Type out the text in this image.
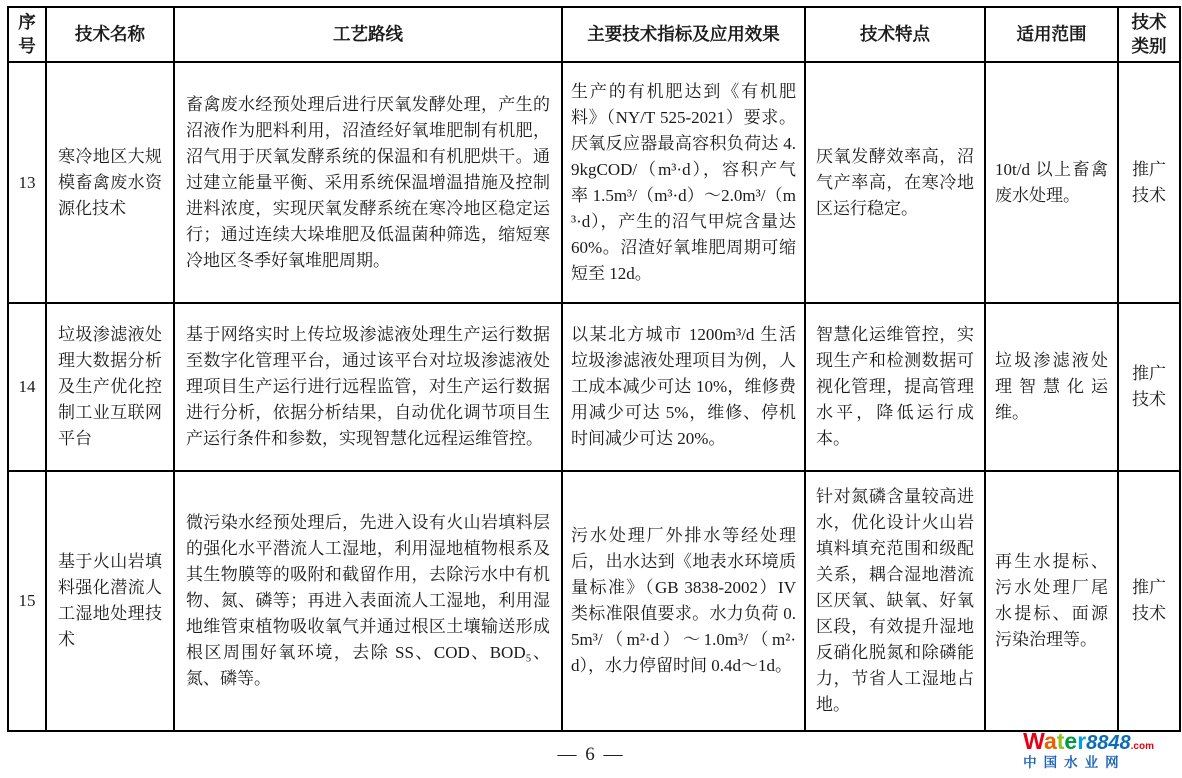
序号	技术名称	工艺路线	主要技术指标及应用效果	技术特点	适用范围	技术类别
13	寒冷地区大规模畜禽废水资源化技术	畜禽废水经预处理后进行厌氧发酵处理，产生的沼液作为肥料利用，沼渣经好氧堆肥制有机肥，沼气用于厌氧发酵系统的保温和有机肥烘干。通过建立能量平衡、采用系统保温增温措施及控制进料浓度，实现厌氧发酵系统在寒冷地区稳定运行；通过连续大垛堆肥及低温菌种筛选，缩短寒冷地区冬季好氧堆肥周期。	生产的有机肥达到《有机肥料》（NY/T 525-2021）要求。厌氧反应器最高容积负荷达 4.9kgCOD/（m³·d），容积产气率 1.5m³/（m³·d）～2.0m³/（m³·d），产生的沼气甲烷含量达 60%。沼渣好氧堆肥周期可缩短至 12d。	厌氧发酵效率高，沼气产率高，在寒冷地区运行稳定。	10t/d 以上畜禽废水处理。	推广技术
14	垃圾渗滤液处理大数据分析及生产优化控制工业互联网平台	基于网络实时上传垃圾渗滤液处理生产运行数据至数字化管理平台，通过该平台对垃圾渗滤液处理项目生产运行进行远程监管，对生产运行数据进行分析，依据分析结果，自动优化调节项目生产运行条件和参数，实现智慧化远程运维管控。	以某北方城市 1200m³/d 生活垃圾渗滤液处理项目为例，人工成本减少可达 10%，维修费用减少可达 5%，维修、停机时间减少可达 20%。	智慧化运维管控，实现生产和检测数据可视化管理，提高管理水平，降低运行成本。	垃圾渗滤液处理智慧化运维。	推广技术
15	基于火山岩填料强化潜流人工湿地处理技术	微污染水经预处理后，先进入设有火山岩填料层的强化水平潜流人工湿地，利用湿地植物根系及其生物膜等的吸附和截留作用，去除污水中有机物、氮、磷等；再进入表面流人工湿地，利用湿地维管束植物吸收氧气并通过根区土壤输送形成根区周围好氧环境，去除 SS、COD、BOD₅、氮、磷等。	污水处理厂外排水等经处理后，出水达到《地表水环境质量标准》（GB 3838-2002）IV 类标准限值要求。水力负荷 0.5m³/（m²·d）～1.0m³/（m²·d），水力停留时间 0.4d～1d。	针对氮磷含量较高进水，优化设计火山岩填料填充范围和级配关系，耦合湿地潜流区厌氧、缺氧、好氧区段，有效提升湿地反硝化脱氮和除磷能力，节省人工湿地占地。	再生水提标、污水处理厂尾水提标、面源污染治理等。	推广技术
— 6 —
Water8848.com
中国水业网
